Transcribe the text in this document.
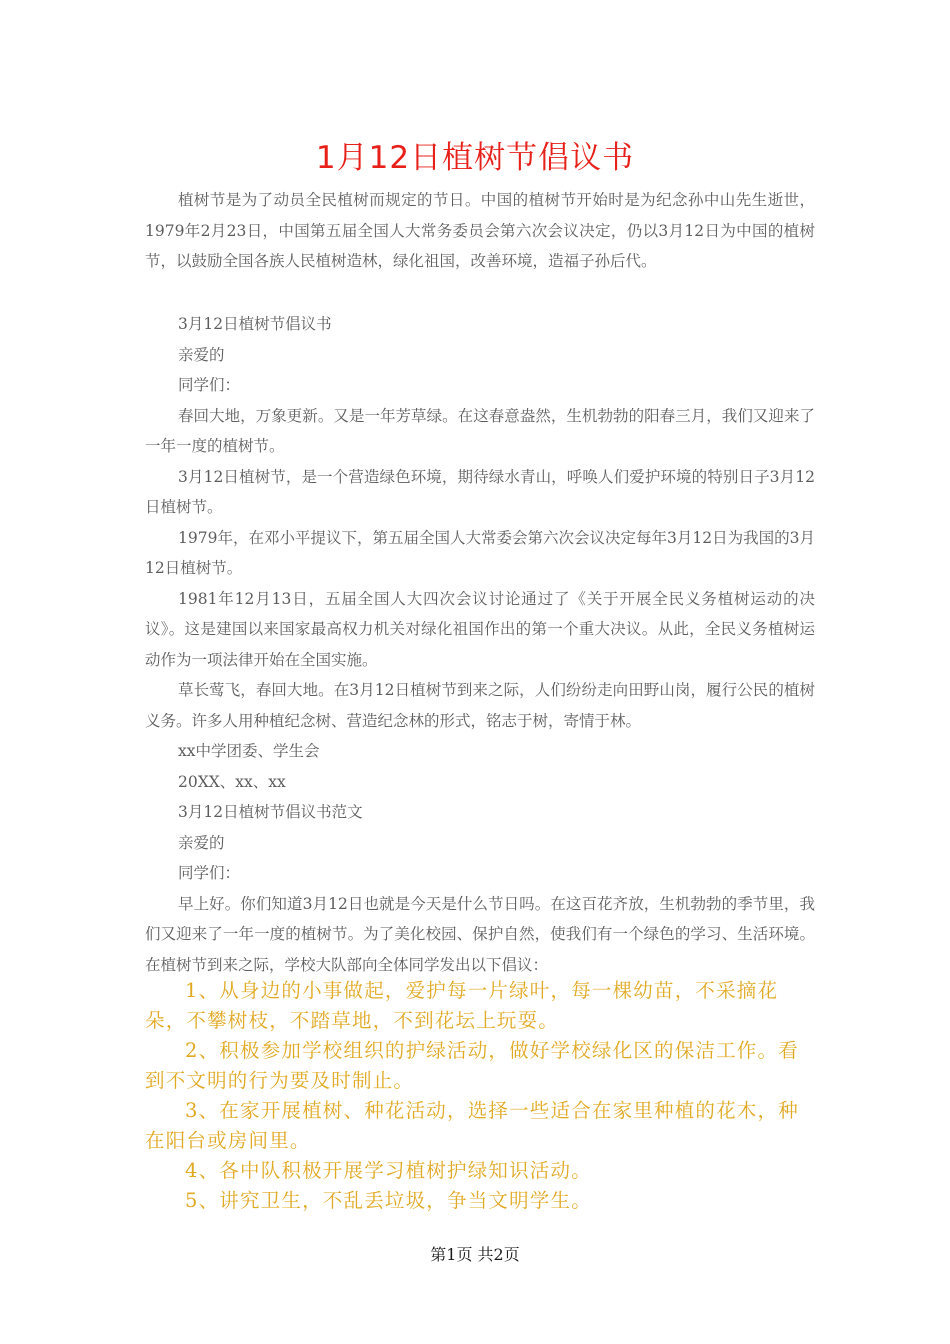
1月12日植树节倡议书

植树节是为了动员全民植树而规定的节日。中国的植树节开始时是为纪念孙中山先生逝世，1979年2月23日，中国第五届全国人大常务委员会第六次会议决定，仍以3月12日为中国的植树节，以鼓励全国各族人民植树造林，绿化祖国，改善环境，造福子孙后代。

3月12日植树节倡议书

亲爱的

同学们：

春回大地，万象更新。又是一年芳草绿。在这春意盎然，生机勃勃的阳春三月，我们又迎来了一年一度的植树节。

3月12日植树节，是一个营造绿色环境，期待绿水青山，呼唤人们爱护环境的特别日子3月12日植树节。

1979年，在邓小平提议下，第五届全国人大常委会第六次会议决定每年3月12日为我国的3月12日植树节。

1981年12月13日，五届全国人大四次会议讨论通过了《关于开展全民义务植树运动的决议》。这是建国以来国家最高权力机关对绿化祖国作出的第一个重大决议。从此，全民义务植树运动作为一项法律开始在全国实施。

草长莺飞，春回大地。在3月12日植树节到来之际，人们纷纷走向田野山岗，履行公民的植树义务。许多人用种植纪念树、营造纪念林的形式，铭志于树，寄情于林。

xx中学团委、学生会

20XX、xx、xx

3月12日植树节倡议书范文

亲爱的

同学们：

早上好。你们知道3月12日也就是今天是什么节日吗。在这百花齐放，生机勃勃的季节里，我们又迎来了一年一度的植树节。为了美化校园、保护自然，使我们有一个绿色的学习、生活环境。在植树节到来之际，学校大队部向全体同学发出以下倡议：

1、从身边的小事做起，爱护每一片绿叶，每一棵幼苗，不采摘花朵，不攀树枝，不踏草地，不到花坛上玩耍。

2、积极参加学校组织的护绿活动，做好学校绿化区的保洁工作。看到不文明的行为要及时制止。

3、在家开展植树、种花活动，选择一些适合在家里种植的花木，种在阳台或房间里。

4、各中队积极开展学习植树护绿知识活动。

5、讲究卫生，不乱丢垃圾，争当文明学生。

第1页 共2页
